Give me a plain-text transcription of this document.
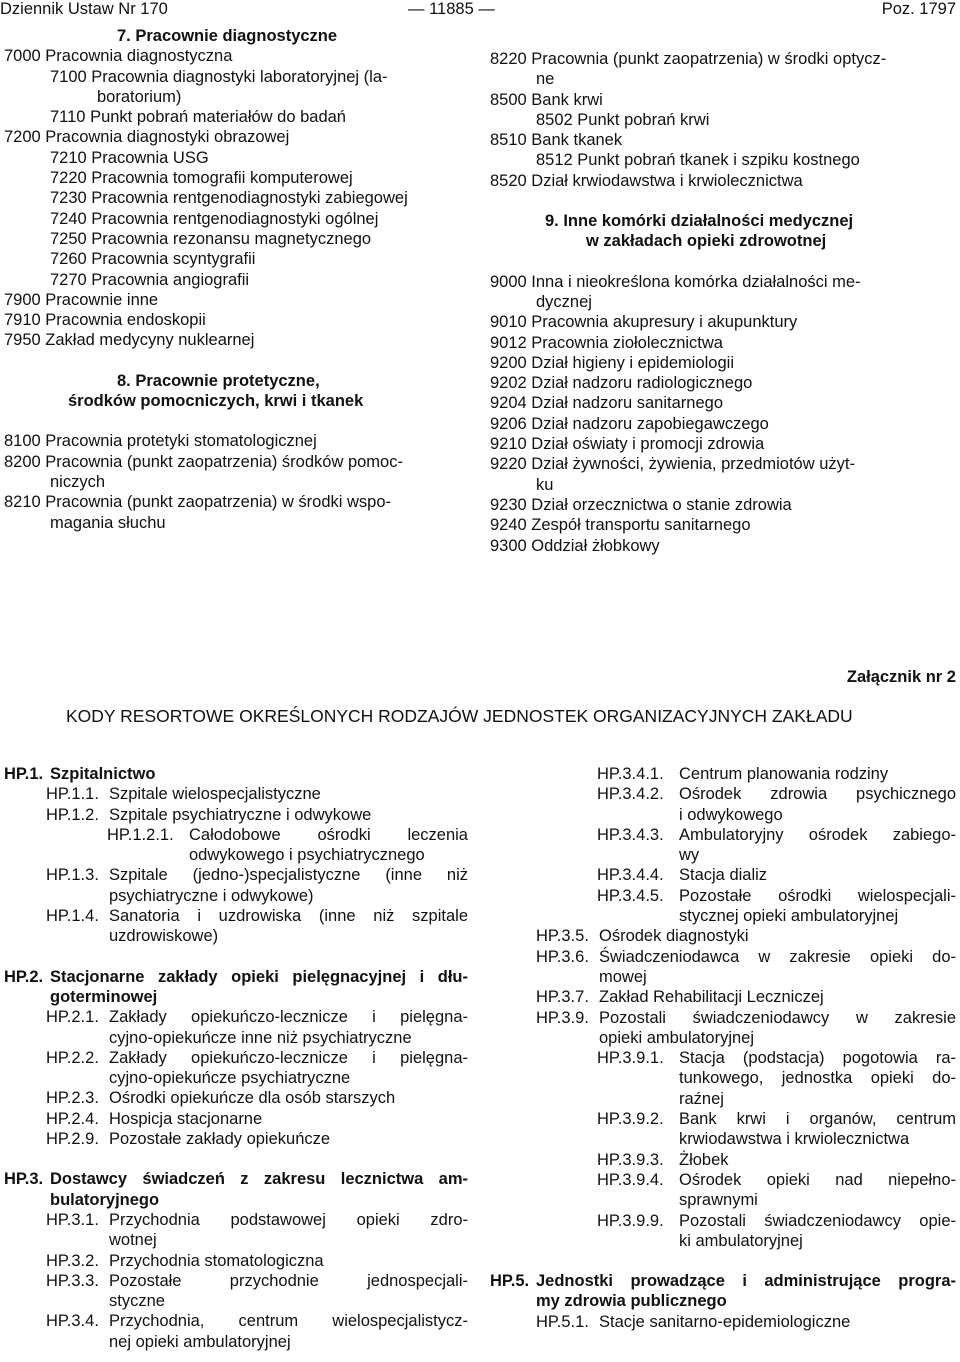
Dziennik Ustaw Nr 170	— 11885 —	Poz. 1797
7. Pracownie diagnostyczne
7000 Pracownia diagnostyczna
7100 Pracownia diagnostyki laboratoryjnej (la-
boratorium)
7110 Punkt pobrań materiałów do badań
7200 Pracownia diagnostyki obrazowej
7210 Pracownia USG
7220 Pracownia tomografii komputerowej
7230 Pracownia rentgenodiagnostyki zabiegowej
7240 Pracownia rentgenodiagnostyki ogólnej
7250 Pracownia rezonansu magnetycznego
7260 Pracownia scyntygrafii
7270 Pracownia angiografii
7900 Pracownie inne
7910 Pracownia endoskopii
7950 Zakład medycyny nuklearnej
8. Pracownie protetyczne,
środków pomocniczych, krwi i tkanek
8100 Pracownia protetyki stomatologicznej
8200 Pracownia (punkt zaopatrzenia) środków pomoc-
niczych
8210 Pracownia (punkt zaopatrzenia) w środki wspo-
magania słuchu
8220 Pracownia (punkt zaopatrzenia) w środki optycz-
ne
8500 Bank krwi
8502 Punkt pobrań krwi
8510 Bank tkanek
8512 Punkt pobrań tkanek i szpiku kostnego
8520 Dział krwiodawstwa i krwiolecznictwa
9. Inne komórki działalności medycznej
w zakładach opieki zdrowotnej
9000 Inna i nieokreślona komórka działalności me-
dycznej
9010 Pracownia akupresury i akupunktury
9012 Pracownia ziołolecznictwa
9200 Dział higieny i epidemiologii
9202 Dział nadzoru radiologicznego
9204 Dział nadzoru sanitarnego
9206 Dział nadzoru zapobiegawczego
9210 Dział oświaty i promocji zdrowia
9220 Dział żywności, żywienia, przedmiotów użyt-
ku
9230 Dział orzecznictwa o stanie zdrowia
9240 Zespół transportu sanitarnego
9300 Oddział żłobkowy
Załącznik nr 2
KODY RESORTOWE OKREŚLONYCH RODZAJÓW JEDNOSTEK ORGANIZACYJNYCH ZAKŁADU
HP.1. Szpitalnictwo
HP.1.1. Szpitale wielospecjalistyczne
HP.1.2. Szpitale psychiatryczne i odwykowe
HP.1.2.1. Całodobowe ośrodki leczenia
odwykowego i psychiatrycznego
HP.1.3. Szpitale (jedno-)specjalistyczne (inne niż
psychiatryczne i odwykowe)
HP.1.4. Sanatoria i uzdrowiska (inne niż szpitale
uzdrowiskowe)
HP.2. Stacjonarne zakłady opieki pielęgnacyjnej i dłu-
goterminowej
HP.2.1. Zakłady opiekuńczo-lecznicze i pielęgna-
cyjno-opiekuńcze inne niż psychiatryczne
HP.2.2. Zakłady opiekuńczo-lecznicze i pielęgna-
cyjno-opiekuńcze psychiatryczne
HP.2.3. Ośrodki opiekuńcze dla osób starszych
HP.2.4. Hospicja stacjonarne
HP.2.9. Pozostałe zakłady opiekuńcze
HP.3. Dostawcy świadczeń z zakresu lecznictwa am-
bulatoryjnego
HP.3.1. Przychodnia podstawowej opieki zdro-
wotnej
HP.3.2. Przychodnia stomatologiczna
HP.3.3. Pozostałe przychodnie jednospecjali-
styczne
HP.3.4. Przychodnia, centrum wielospecjalistycz-
nej opieki ambulatoryjnej
HP.3.4.1. Centrum planowania rodziny
HP.3.4.2. Ośrodek zdrowia psychicznego
i odwykowego
HP.3.4.3. Ambulatoryjny ośrodek zabiego-
wy
HP.3.4.4. Stacja dializ
HP.3.4.5. Pozostałe ośrodki wielospecjali-
stycznej opieki ambulatoryjnej
HP.3.5. Ośrodek diagnostyki
HP.3.6. Świadczeniodawca w zakresie opieki do-
mowej
HP.3.7. Zakład Rehabilitacji Leczniczej
HP.3.9. Pozostali świadczeniodawcy w zakresie
opieki ambulatoryjnej
HP.3.9.1. Stacja (podstacja) pogotowia ra-
tunkowego, jednostka opieki do-
raźnej
HP.3.9.2. Bank krwi i organów, centrum
krwiodawstwa i krwiolecznictwa
HP.3.9.3. Żłobek
HP.3.9.4. Ośrodek opieki nad niepełno-
sprawnymi
HP.3.9.9. Pozostali świadczeniodawcy opie-
ki ambulatoryjnej
HP.5. Jednostki prowadzące i administrujące progra-
my zdrowia publicznego
HP.5.1. Stacje sanitarno-epidemiologiczne
